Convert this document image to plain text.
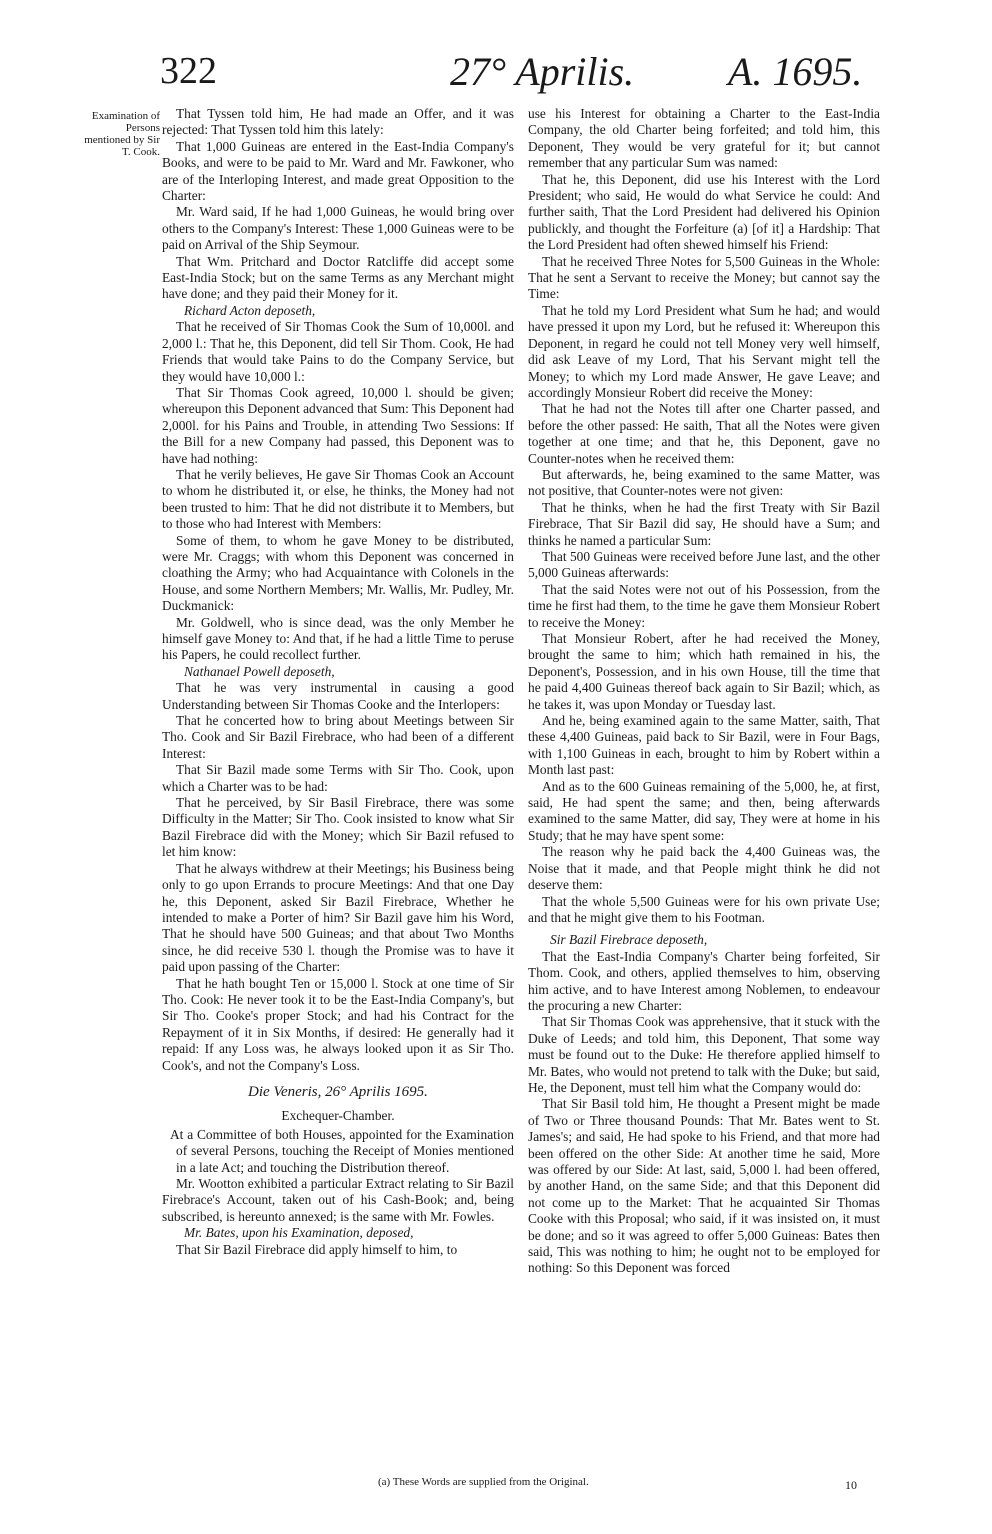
322	27° Aprilis. A. 1695.
Examination of Persons mentioned by Sir T. Cook.

That Tyssen told him, He had made an Offer, and it was rejected: That Tyssen told him this lately:

That 1,000 Guineas are entered in the East-India Company's Books, and were to be paid to Mr. Ward and Mr. Fawkoner, who are of the Interloping Interest, and made great Opposition to the Charter:

Mr. Ward said, If he had 1,000 Guineas, he would bring over others to the Company's Interest: These 1,000 Guineas were to be paid on Arrival of the Ship Seymour.

That Wm. Pritchard and Doctor Ratcliffe did accept some East-India Stock; but on the same Terms as any Merchant might have done; and they paid their Money for it.

Richard Acton deposeth,

That he received of Sir Thomas Cook the Sum of 10,000l. and 2,000 l.: That he, this Deponent, did tell Sir Thom. Cook, He had Friends that would take Pains to do the Company Service, but they would have 10,000 l.:

That Sir Thomas Cook agreed, 10,000 l. should be given; whereupon this Deponent advanced that Sum: This Deponent had 2,000l. for his Pains and Trouble, in attending Two Sessions: If the Bill for a new Company had passed, this Deponent was to have had nothing:

That he verily believes, He gave Sir Thomas Cook an Account to whom he distributed it, or else, he thinks, the Money had not been trusted to him: That he did not distribute it to Members, but to those who had Interest with Members:

Some of them, to whom he gave Money to be distributed, were Mr. Craggs; with whom this Deponent was concerned in cloathing the Army; who had Acquaintance with Colonels in the House, and some Northern Members; Mr. Wallis, Mr. Pudley, Mr. Duckmanick:

Mr. Goldwell, who is since dead, was the only Member he himself gave Money to: And that, if he had a little Time to peruse his Papers, he could recollect further.

Nathanael Powell deposeth,

That he was very instrumental in causing a good Understanding between Sir Thomas Cooke and the Interlopers:

That he concerted how to bring about Meetings between Sir Tho. Cook and Sir Bazil Firebrace, who had been of a different Interest:

That Sir Bazil made some Terms with Sir Tho. Cook, upon which a Charter was to be had:

That he perceived, by Sir Basil Firebrace, there was some Difficulty in the Matter; Sir Tho. Cook insisted to know what Sir Bazil Firebrace did with the Money; which Sir Bazil refused to let him know:

That he always withdrew at their Meetings; his Business being only to go upon Errands to procure Meetings: And that one Day he, this Deponent, asked Sir Bazil Firebrace, Whether he intended to make a Porter of him? Sir Bazil gave him his Word, That he should have 500 Guineas; and that about Two Months since, he did receive 530 l. though the Promise was to have it paid upon passing of the Charter:

That he hath bought Ten or 15,000 l. Stock at one time of Sir Tho. Cook: He never took it to be the East-India Company's, but Sir Tho. Cooke's proper Stock; and had his Contract for the Repayment of it in Six Months, if desired: He generally had it repaid: If any Loss was, he always looked upon it as Sir Tho. Cook's, and not the Company's Loss.

Die Veneris, 26° Aprilis 1695.

Exchequer-Chamber.

At a Committee of both Houses, appointed for the Examination of several Persons, touching the Receipt of Monies mentioned in a late Act; and touching the Distribution thereof.

Mr. Wootton exhibited a particular Extract relating to Sir Bazil Firebrace's Account, taken out of his Cash-Book; and, being subscribed, is hereunto annexed; is the same with Mr. Fowles.

Mr. Bates, upon his Examination, deposed,

That Sir Bazil Firebrace did apply himself to him, to

use his Interest for obtaining a Charter to the East-India Company, the old Charter being forfeited; and told him, this Deponent, They would be very grateful for it; but cannot remember that any particular Sum was named:

That he, this Deponent, did use his Interest with the Lord President; who said, He would do what Service he could: And further saith, That the Lord President had delivered his Opinion publickly, and thought the Forfeiture (a) [of it] a Hardship: That the Lord President had often shewed himself his Friend:

That he received Three Notes for 5,500 Guineas in the Whole: That he sent a Servant to receive the Money; but cannot say the Time:

That he told my Lord President what Sum he had; and would have pressed it upon my Lord, but he refused it: Whereupon this Deponent, in regard he could not tell Money very well himself, did ask Leave of my Lord, That his Servant might tell the Money; to which my Lord made Answer, He gave Leave; and accordingly Monsieur Robert did receive the Money:

That he had not the Notes till after one Charter passed, and before the other passed: He saith, That all the Notes were given together at one time; and that he, this Deponent, gave no Counter-notes when he received them:

But afterwards, he, being examined to the same Matter, was not positive, that Counter-notes were not given:

That he thinks, when he had the first Treaty with Sir Bazil Firebrace, That Sir Bazil did say, He should have a Sum; and thinks he named a particular Sum:

That 500 Guineas were received before June last, and the other 5,000 Guineas afterwards:

That the said Notes were not out of his Possession, from the time he first had them, to the time he gave them Monsieur Robert to receive the Money:

That Monsieur Robert, after he had received the Money, brought the same to him; which hath remained in his, the Deponent's, Possession, and in his own House, till the time that he paid 4,400 Guineas thereof back again to Sir Bazil; which, as he takes it, was upon Monday or Tuesday last.

And he, being examined again to the same Matter, saith, That these 4,400 Guineas, paid back to Sir Bazil, were in Four Bags, with 1,100 Guineas in each, brought to him by Robert within a Month last past:

And as to the 600 Guineas remaining of the 5,000, he, at first, said, He had spent the same; and then, being afterwards examined to the same Matter, did say, They were at home in his Study; that he may have spent some:

The reason why he paid back the 4,400 Guineas was, the Noise that it made, and that People might think he did not deserve them:

That the whole 5,500 Guineas were for his own private Use; and that he might give them to his Footman.

Sir Bazil Firebrace deposeth,

That the East-India Company's Charter being forfeited, Sir Thom. Cook, and others, applied themselves to him, observing him active, and to have Interest among Noblemen, to endeavour the procuring a new Charter:

That Sir Thomas Cook was apprehensive, that it stuck with the Duke of Leeds; and told him, this Deponent, That some way must be found out to the Duke: He therefore applied himself to Mr. Bates, who would not pretend to talk with the Duke; but said, He, the Deponent, must tell him what the Company would do:

That Sir Basil told him, He thought a Present might be made of Two or Three thousand Pounds: That Mr. Bates went to St. James's; and said, He had spoke to his Friend, and that more had been offered on the other Side: At another time he said, More was offered by our Side: At last, said, 5,000 l. had been offered, by another Hand, on the same Side; and that this Deponent did not come up to the Market: That he acquainted Sir Thomas Cooke with this Proposal; who said, if it was insisted on, it must be done; and so it was agreed to offer 5,000 Guineas: Bates then said, This was nothing to him; he ought not to be employed for nothing: So this Deponent was forced

(a) These Words are supplied from the Original.	10
